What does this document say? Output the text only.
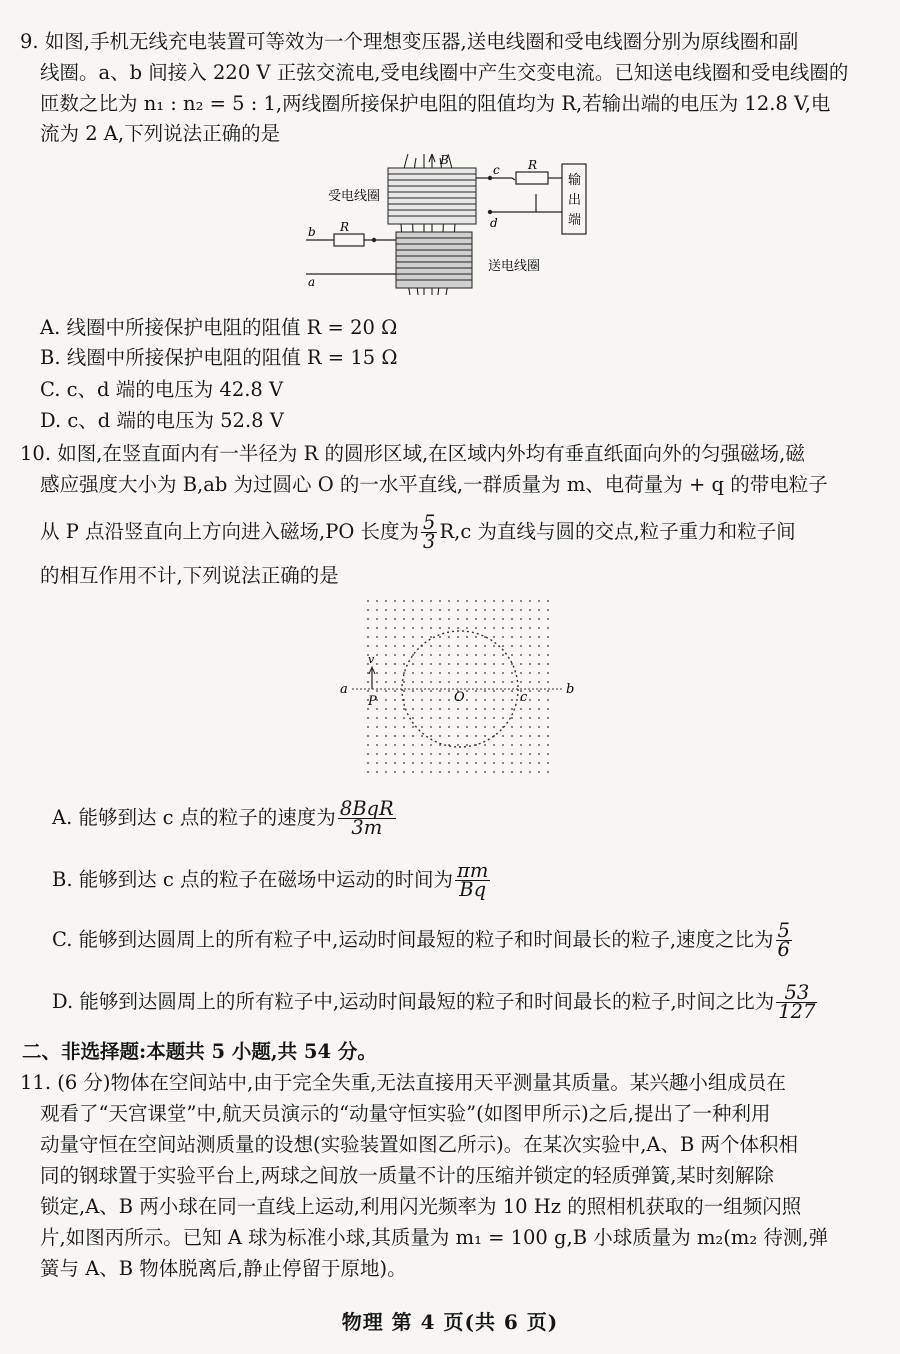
9. 如图,手机无线充电装置可等效为一个理想变压器,送电线圈和受电线圈分别为原线圈和副
线圈。a、b 间接入 220 V 正弦交流电,受电线圈中产生交变电流。已知送电线圈和受电线圈的
匝数之比为 n₁ : n₂ = 5 : 1,两线圈所接保护电阻的阻值均为 R,若输出端的电压为 12.8 V,电
流为 2 A,下列说法正确的是
受电线圈
送电线圈
B	R
R
c
d
b
a
输
出
端
A. 线圈中所接保护电阻的阻值 R = 20 Ω
B. 线圈中所接保护电阻的阻值 R = 15 Ω
C. c、d 端的电压为 42.8 V
D. c、d 端的电压为 52.8 V
10. 如图,在竖直面内有一半径为 R 的圆形区域,在区域内外均有垂直纸面向外的匀强磁场,磁
感应强度大小为 B,ab 为过圆心 O 的一水平直线,一群质量为 m、电荷量为 + q 的带电粒子
从 P 点沿竖直向上方向进入磁场,PO 长度为 $\frac{5}{3} R,c$ 为直线与圆的交点,粒子重力和粒子间
的相互作用不计,下列说法正确的是
a	b
P	O	c
v
A. 能够到达 c 点的粒子的速度为 $\frac{\text{8BqR}}{3m}$
B. 能够到达 c 点的粒子在磁场中运动的时间为 $\frac{\pi m}{Bq}$
C. 能够到达圆周上的所有粒子中,运动时间最短的粒子和时间最长的粒子,速度之比为 $\frac{5}{6}$
D. 能够到达圆周上的所有粒子中,运动时间最短的粒子和时间最长的粒子,时间之比为 $\frac{53}{127}$
二、非选择题:本题共 5 小题,共 54 分。
11. (6 分)物体在空间站中,由于完全失重,无法直接用天平测量其质量。某兴趣小组成员在
观看了“天宫课堂”中,航天员演示的“动量守恒实验”(如图甲所示)之后,提出了一种利用
动量守恒在空间站测质量的设想(实验装置如图乙所示)。在某次实验中,A、B 两个体积相
同的钢球置于实验平台上,两球之间放一质量不计的压缩并锁定的轻质弹簧,某时刻解除
锁定,A、B 两小球在同一直线上运动,利用闪光频率为 10 Hz 的照相机获取的一组频闪照
片,如图丙所示。已知 A 球为标准小球,其质量为 m₁ = 100 g,B 小球质量为 m₂(m₂ 待测,弹
簧与 A、B 物体脱离后,静止停留于原地)。
物理 第 4 页(共 6 页)
